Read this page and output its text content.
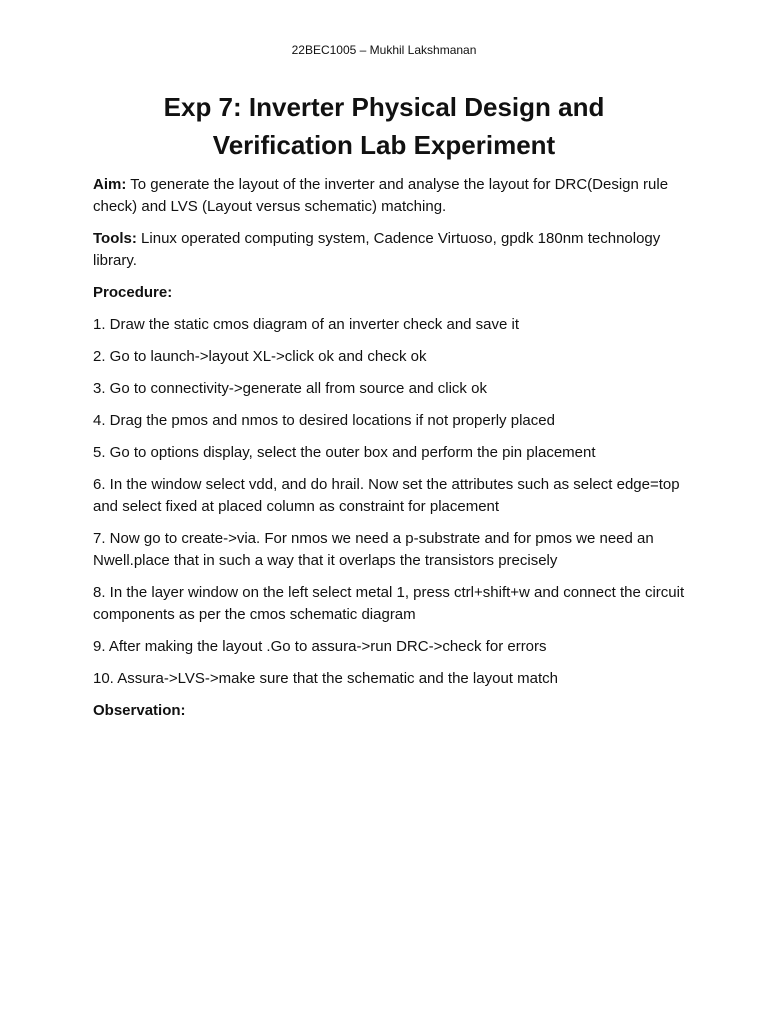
22BEC1005 – Mukhil Lakshmanan
Exp 7: Inverter Physical Design and
Verification Lab Experiment

Aim: To generate the layout of the inverter and analyse the layout for DRC(Design rule check) and LVS (Layout versus schematic) matching.

Tools: Linux operated computing system, Cadence Virtuoso, gpdk 180nm technology library.

Procedure:

1. Draw the static cmos diagram of an inverter check and save it

2. Go to launch->layout XL->click ok and check ok

3. Go to connectivity->generate all from source and click ok

4. Drag the pmos and nmos to desired locations if not properly placed

5. Go to options display, select the outer box and perform the pin placement

6. In the window select vdd, and do hrail. Now set the attributes such as select edge=top and select fixed at placed column as constraint for placement

7. Now go to create->via. For nmos we need a p-substrate and for pmos we need an Nwell.place that in such a way that it overlaps the transistors precisely

8. In the layer window on the left select metal 1, press ctrl+shift+w and connect the circuit components as per the cmos schematic diagram

9. After making the layout .Go to assura->run DRC->check for errors

10. Assura->LVS->make sure that the schematic and the layout match

Observation:
